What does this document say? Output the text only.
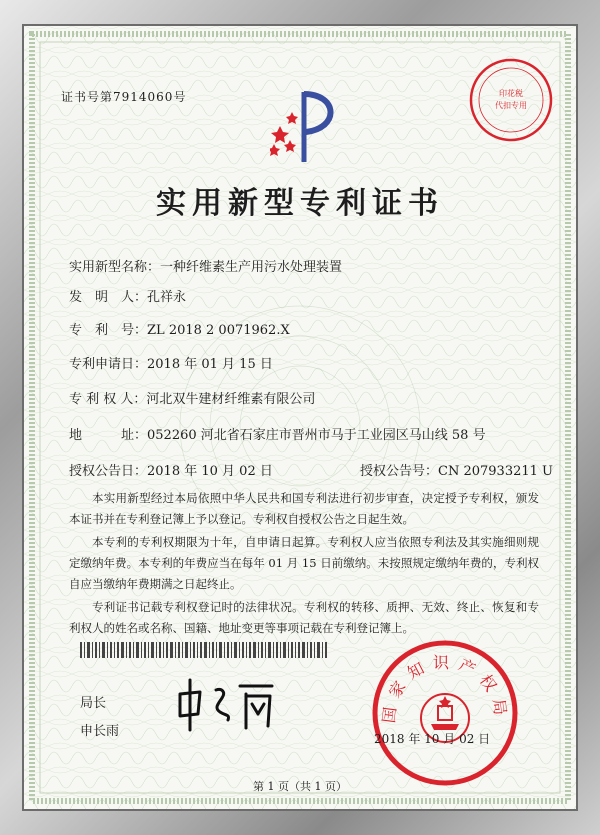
证书号第7914060号	印花税
代扣专用
实用新型专利证书
实用新型名称：一种纤维素生产用污水处理装置
发　明　人：孔祥永
专　利　号：ZL 2018 2 0071962.X
专利申请日：2018 年 01 月 15 日
专 利 权 人：河北双牛建材纤维素有限公司
地　　　址：052260 河北省石家庄市晋州市马于工业园区马山线 58 号
授权公告日：2018 年 10 月 02 日	授权公告号：CN 207933211 U
本实用新型经过本局依照中华人民共和国专利法进行初步审查，决定授予专利权，颁发本证书并在专利登记簿上予以登记。专利权自授权公告之日起生效。
本专利的专利权期限为十年，自申请日起算。专利权人应当依照专利法及其实施细则规定缴纳年费。本专利的年费应当在每年 01 月 15 日前缴纳。未按照规定缴纳年费的，专利权自应当缴纳年费期满之日起终止。
专利证书记载专利权登记时的法律状况。专利权的转移、质押、无效、终止、恢复和专利权人的姓名或名称、国籍、地址变更等事项记载在专利登记簿上。
局长
申长雨
国家知识产权局
2018 年 10 月 02 日
第 1 页（共 1 页）
